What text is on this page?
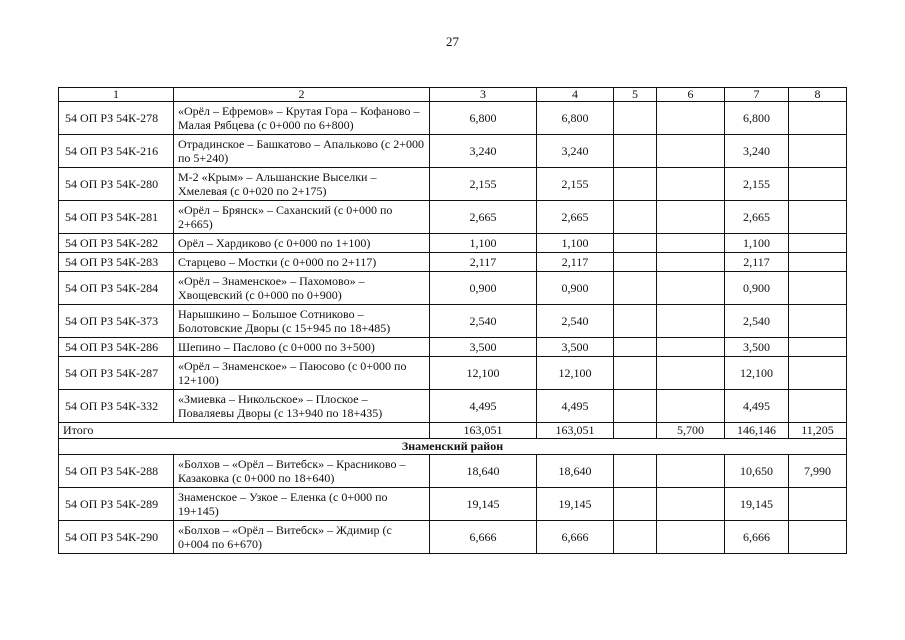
27
1	2	3	4	5	6	7	8
54 ОП РЗ 54К-278	«Орёл – Ефремов» – Крутая Гора – Кофаново – Малая Рябцева (с 0+000 по 6+800)	6,800	6,800			6,800	
54 ОП РЗ 54К-216	Отрадинское – Башкатово – Апальково (с 2+000 по 5+240)	3,240	3,240			3,240	
54 ОП РЗ 54К-280	М-2 «Крым» – Альшанские Выселки – Хмелевая (с 0+020 по 2+175)	2,155	2,155			2,155	
54 ОП РЗ 54К-281	«Орёл – Брянск» – Саханский (с 0+000 по 2+665)	2,665	2,665			2,665	
54 ОП РЗ 54К-282	Орёл – Хардиково (с 0+000 по 1+100)	1,100	1,100			1,100	
54 ОП РЗ 54К-283	Старцево – Мостки (с 0+000 по 2+117)	2,117	2,117			2,117	
54 ОП РЗ 54К-284	«Орёл – Знаменское» – Пахомово» – Хвощевский (с 0+000 по 0+900)	0,900	0,900			0,900	
54 ОП РЗ 54К-373	Нарышкино – Большое Сотниково – Болотовские Дворы (с 15+945 по 18+485)	2,540	2,540			2,540	
54 ОП РЗ 54К-286	Шепино – Паслово (с 0+000 по 3+500)	3,500	3,500			3,500	
54 ОП РЗ 54К-287	«Орёл – Знаменское» – Паюсово (с 0+000 по 12+100)	12,100	12,100			12,100	
54 ОП РЗ 54К-332	«Змиевка – Никольское» – Плоское – Поваляевы Дворы (с 13+940 по 18+435)	4,495	4,495			4,495	
Итого		163,051	163,051		5,700	146,146	11,205
Знаменский район							
54 ОП РЗ 54К-288	«Болхов – «Орёл – Витебск» – Красниково – Казаковка (с 0+000 по 18+640)	18,640	18,640			10,650	7,990
54 ОП РЗ 54К-289	Знаменское – Узкое – Еленка (с 0+000 по 19+145)	19,145	19,145			19,145	
54 ОП РЗ 54К-290	«Болхов – «Орёл – Витебск» – Ждимир (с 0+004 по 6+670)	6,666	6,666			6,666	
